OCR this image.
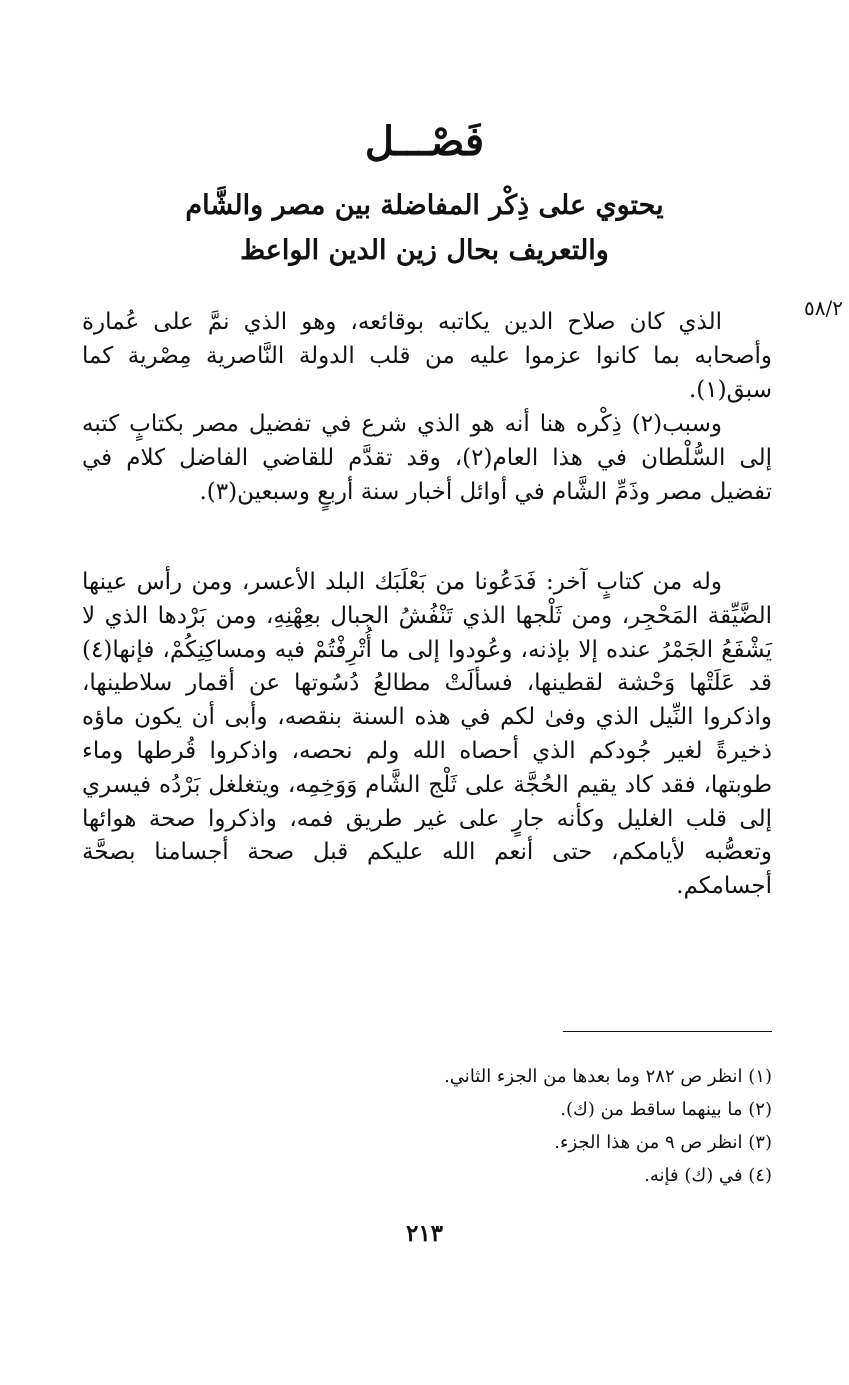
فَصْـــل
يحتوي على ذِكْر المفاضلة بين مصر والشَّام
والتعريف بحال زين الدين الواعظ
٥٨/٢

الذي كان صلاح الدين يكاتبه بوقائعه، وهو الذي نمَّ على عُمارة وأصحابه بما كانوا عزموا عليه من قلب الدولة النَّاصرية مِصْرية كما سبق(١).

وسبب(٢) ذِكْره هنا أنه هو الذي شرع في تفضيل مصر بكتابٍ كتبه إلى السُّلْطان في هذا العام(٢)، وقد تقدَّم للقاضي الفاضل كلام في تفضيل مصر وذَمِّ الشَّام في أوائل أخبار سنة أربعٍ وسبعين(٣).

وله من كتابٍ آخر: فَدَعُونا من بَعْلَبَك البلد الأعسر، ومن رأس عينها الضَّيِّقة المَحْجِر، ومن ثَلْجها الذي تَنْفُشُ الجبال بعِهْنِهِ، ومن بَرْدها الذي لا يَشْفَعُ الجَمْرُ عنده إلا بإذنه، وعُودوا إلى ما أُتْرِفْتُمْ فيه ومساكِنِكُمْ، فإنها(٤) قد عَلَتْها وَحْشة لقطينها، فسألَتْ مطالعُ دُسُوتها عن أقمار سلاطينها، واذكروا النِّيل الذي وفىٰ لكم في هذه السنة بنقصه، وأبى أن يكون ماؤه ذخيرةً لغير جُودكم الذي أحصاه الله ولم نحصه، واذكروا قُرطها وماء طوبتها، فقد كاد يقيم الحُجَّة على ثَلْج الشَّام وَوَخِمِه، ويتغلغل بَرْدُه فيسري إلى قلب الغليل وكأنه جارٍ على غير طريق فمه، واذكروا صحة هوائها وتعصُّبه لأيامكم، حتى أنعم الله عليكم قبل صحة أجسامنا بصحَّة أجسامكم.

(١) انظر ص ٢٨٢ وما بعدها من الجزء الثاني.
(٢) ما بينهما ساقط من (ك).
(٣) انظر ص ٩ من هذا الجزء.
(٤) في (ك) فإنه.
٢١٣
